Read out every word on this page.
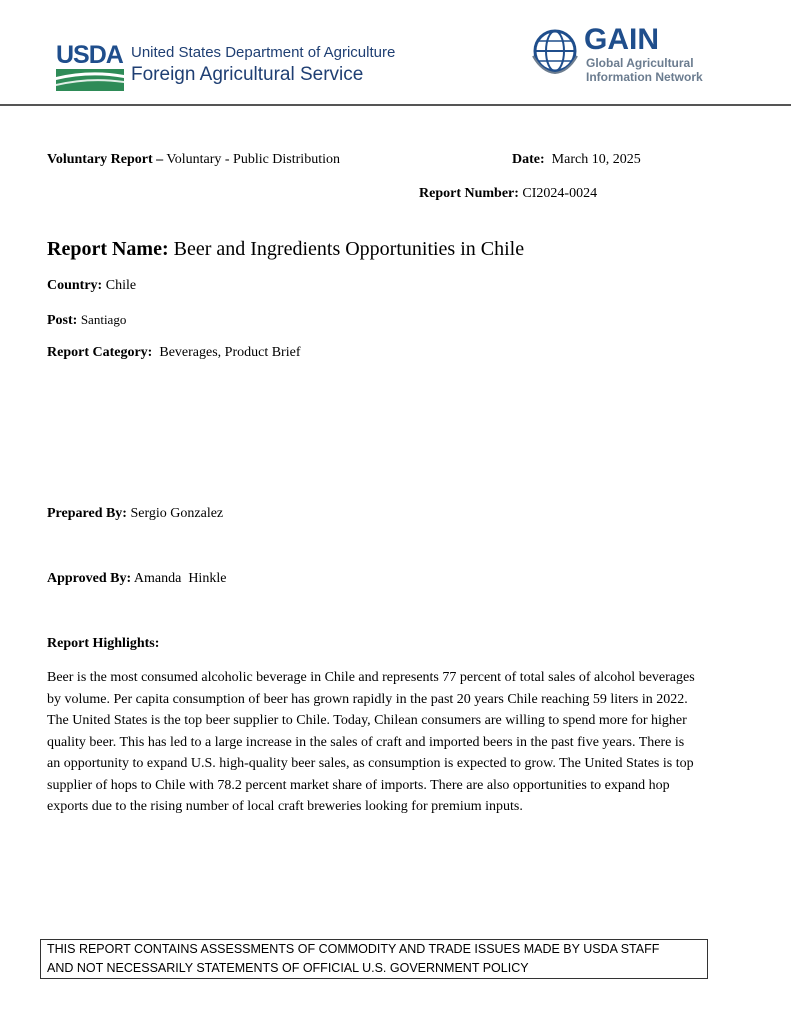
USDA United States Department of Agriculture
Foreign Agricultural Service
GAIN
Global Agricultural
Information Network
Voluntary Report – Voluntary - Public Distribution	Date: March 10, 2025
Report Number: CI2024-0024
Report Name: Beer and Ingredients Opportunities in Chile
Country: Chile
Post: Santiago
Report Category: Beverages, Product Brief
Prepared By: Sergio Gonzalez
Approved By: Amanda  Hinkle
Report Highlights:
Beer is the most consumed alcoholic beverage in Chile and represents 77 percent of total sales of alcohol beverages by volume. Per capita consumption of beer has grown rapidly in the past 20 years Chile reaching 59 liters in 2022. The United States is the top beer supplier to Chile. Today, Chilean consumers are willing to spend more for higher quality beer. This has led to a large increase in the sales of craft and imported beers in the past five years. There is an opportunity to expand U.S. high-quality beer sales, as consumption is expected to grow. The United States is top supplier of hops to Chile with 78.2 percent market share of imports. There are also opportunities to expand hop exports due to the rising number of local craft breweries looking for premium inputs.
THIS REPORT CONTAINS ASSESSMENTS OF COMMODITY AND TRADE ISSUES MADE BY USDA STAFF
AND NOT NECESSARILY STATEMENTS OF OFFICIAL U.S. GOVERNMENT POLICY
